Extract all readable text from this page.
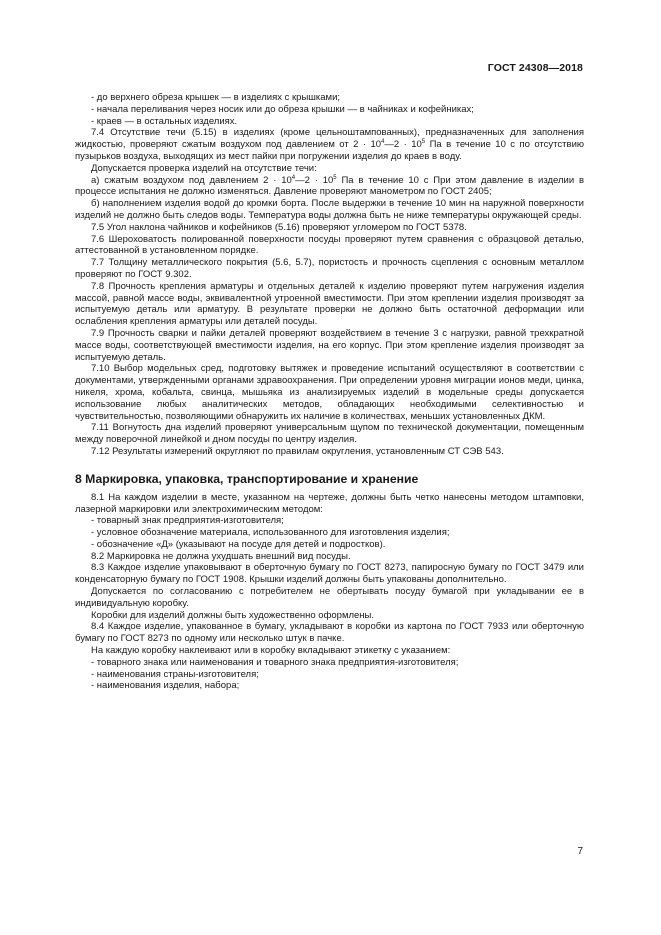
ГОСТ 24308—2018

- до верхнего обреза крышек — в изделиях с крышками;

- начала переливания через носик или до обреза крышки — в чайниках и кофейниках;

- краев — в остальных изделиях.

7.4 Отсутствие течи (5.15) в изделиях (кроме цельноштампованных), предназначенных для заполнения жидкостью, проверяют сжатым воздухом под давлением от $2 \cdot 10^4—2 \cdot 10^5$ Па в течение 10 с по отсутствию пузырьков воздуха, выходящих из мест пайки при погружении изделия до краев в воду.

Допускается проверка изделий на отсутствие течи:

а) сжатым воздухом под давлением $2 \cdot 10^4—2 \cdot 10^5$ Па в течение 10 с При этом давление в изделии в процессе испытания не должно изменяться. Давление проверяют манометром по ГОСТ 2405;

б) наполнением изделия водой до кромки борта. После выдержки в течение 10 мин на наружной поверхности изделий не должно быть следов воды. Температура воды должна быть не ниже температуры окружающей среды.

7.5 Угол наклона чайников и кофейников (5.16) проверяют угломером по ГОСТ 5378.

7.6 Шероховатость полированной поверхности посуды проверяют путем сравнения с образцовой деталью, аттестованной в установленном порядке.

7.7 Толщину металлического покрытия (5.6, 5.7), пористость и прочность сцепления с основным металлом проверяют по ГОСТ 9.302.

7.8 Прочность крепления арматуры и отдельных деталей к изделию проверяют путем нагружения изделия массой, равной массе воды, эквивалентной утроенной вместимости. При этом креплении изделия производят за испытуемую деталь или арматуру. В результате проверки не должно быть остаточной деформации или ослабления крепления арматуры или деталей посуды.

7.9 Прочность сварки и пайки деталей проверяют воздействием в течение 3 с нагрузки, равной трехкратной массе воды, соответствующей вместимости изделия, на его корпус. При этом крепление изделия производят за испытуемую деталь.

7.10 Выбор модельных сред, подготовку вытяжек и проведение испытаний осуществляют в соответствии с документами, утвержденными органами здравоохранения. При определении уровня миграции ионов меди, цинка, никеля, хрома, кобальта, свинца, мышьяка из анализируемых изделий в модельные среды допускается использование любых аналитических методов, обладающих необходимыми селективностью и чувствительностью, позволяющими обнаружить их наличие в количествах, меньших установленных ДКМ.

7.11 Вогнутость дна изделий проверяют универсальным щупом по технической документации, помещенным между поверочной линейкой и дном посуды по центру изделия.

7.12 Результаты измерений округляют по правилам округления, установленным СТ СЭВ 543.

8 Маркировка, упаковка, транспортирование и хранение

8.1 На каждом изделии в месте, указанном на чертеже, должны быть четко нанесены методом штамповки, лазерной маркировки или электрохимическим методом:

- товарный знак предприятия-изготовителя;

- условное обозначение материала, использованного для изготовления изделия;

- обозначение «Д» (указывают на посуде для детей и подростков).

8.2 Маркировка не должна ухудшать внешний вид посуды.

8.3 Каждое изделие упаковывают в оберточную бумагу по ГОСТ 8273, папиросную бумагу по ГОСТ 3479 или конденсаторную бумагу по ГОСТ 1908. Крышки изделий должны быть упакованы дополнительно.

Допускается по согласованию с потребителем не обертывать посуду бумагой при укладывании ее в индивидуальную коробку.

Коробки для изделий должны быть художественно оформлены.

8.4 Каждое изделие, упакованное в бумагу, укладывают в коробки из картона по ГОСТ 7933 или оберточную бумагу по ГОСТ 8273 по одному или несколько штук в пачке.

На каждую коробку наклеивают или в коробку вкладывают этикетку с указанием:

- товарного знака или наименования и товарного знака предприятия-изготовителя;

- наименования страны-изготовителя;

- наименования изделия, набора;

7
